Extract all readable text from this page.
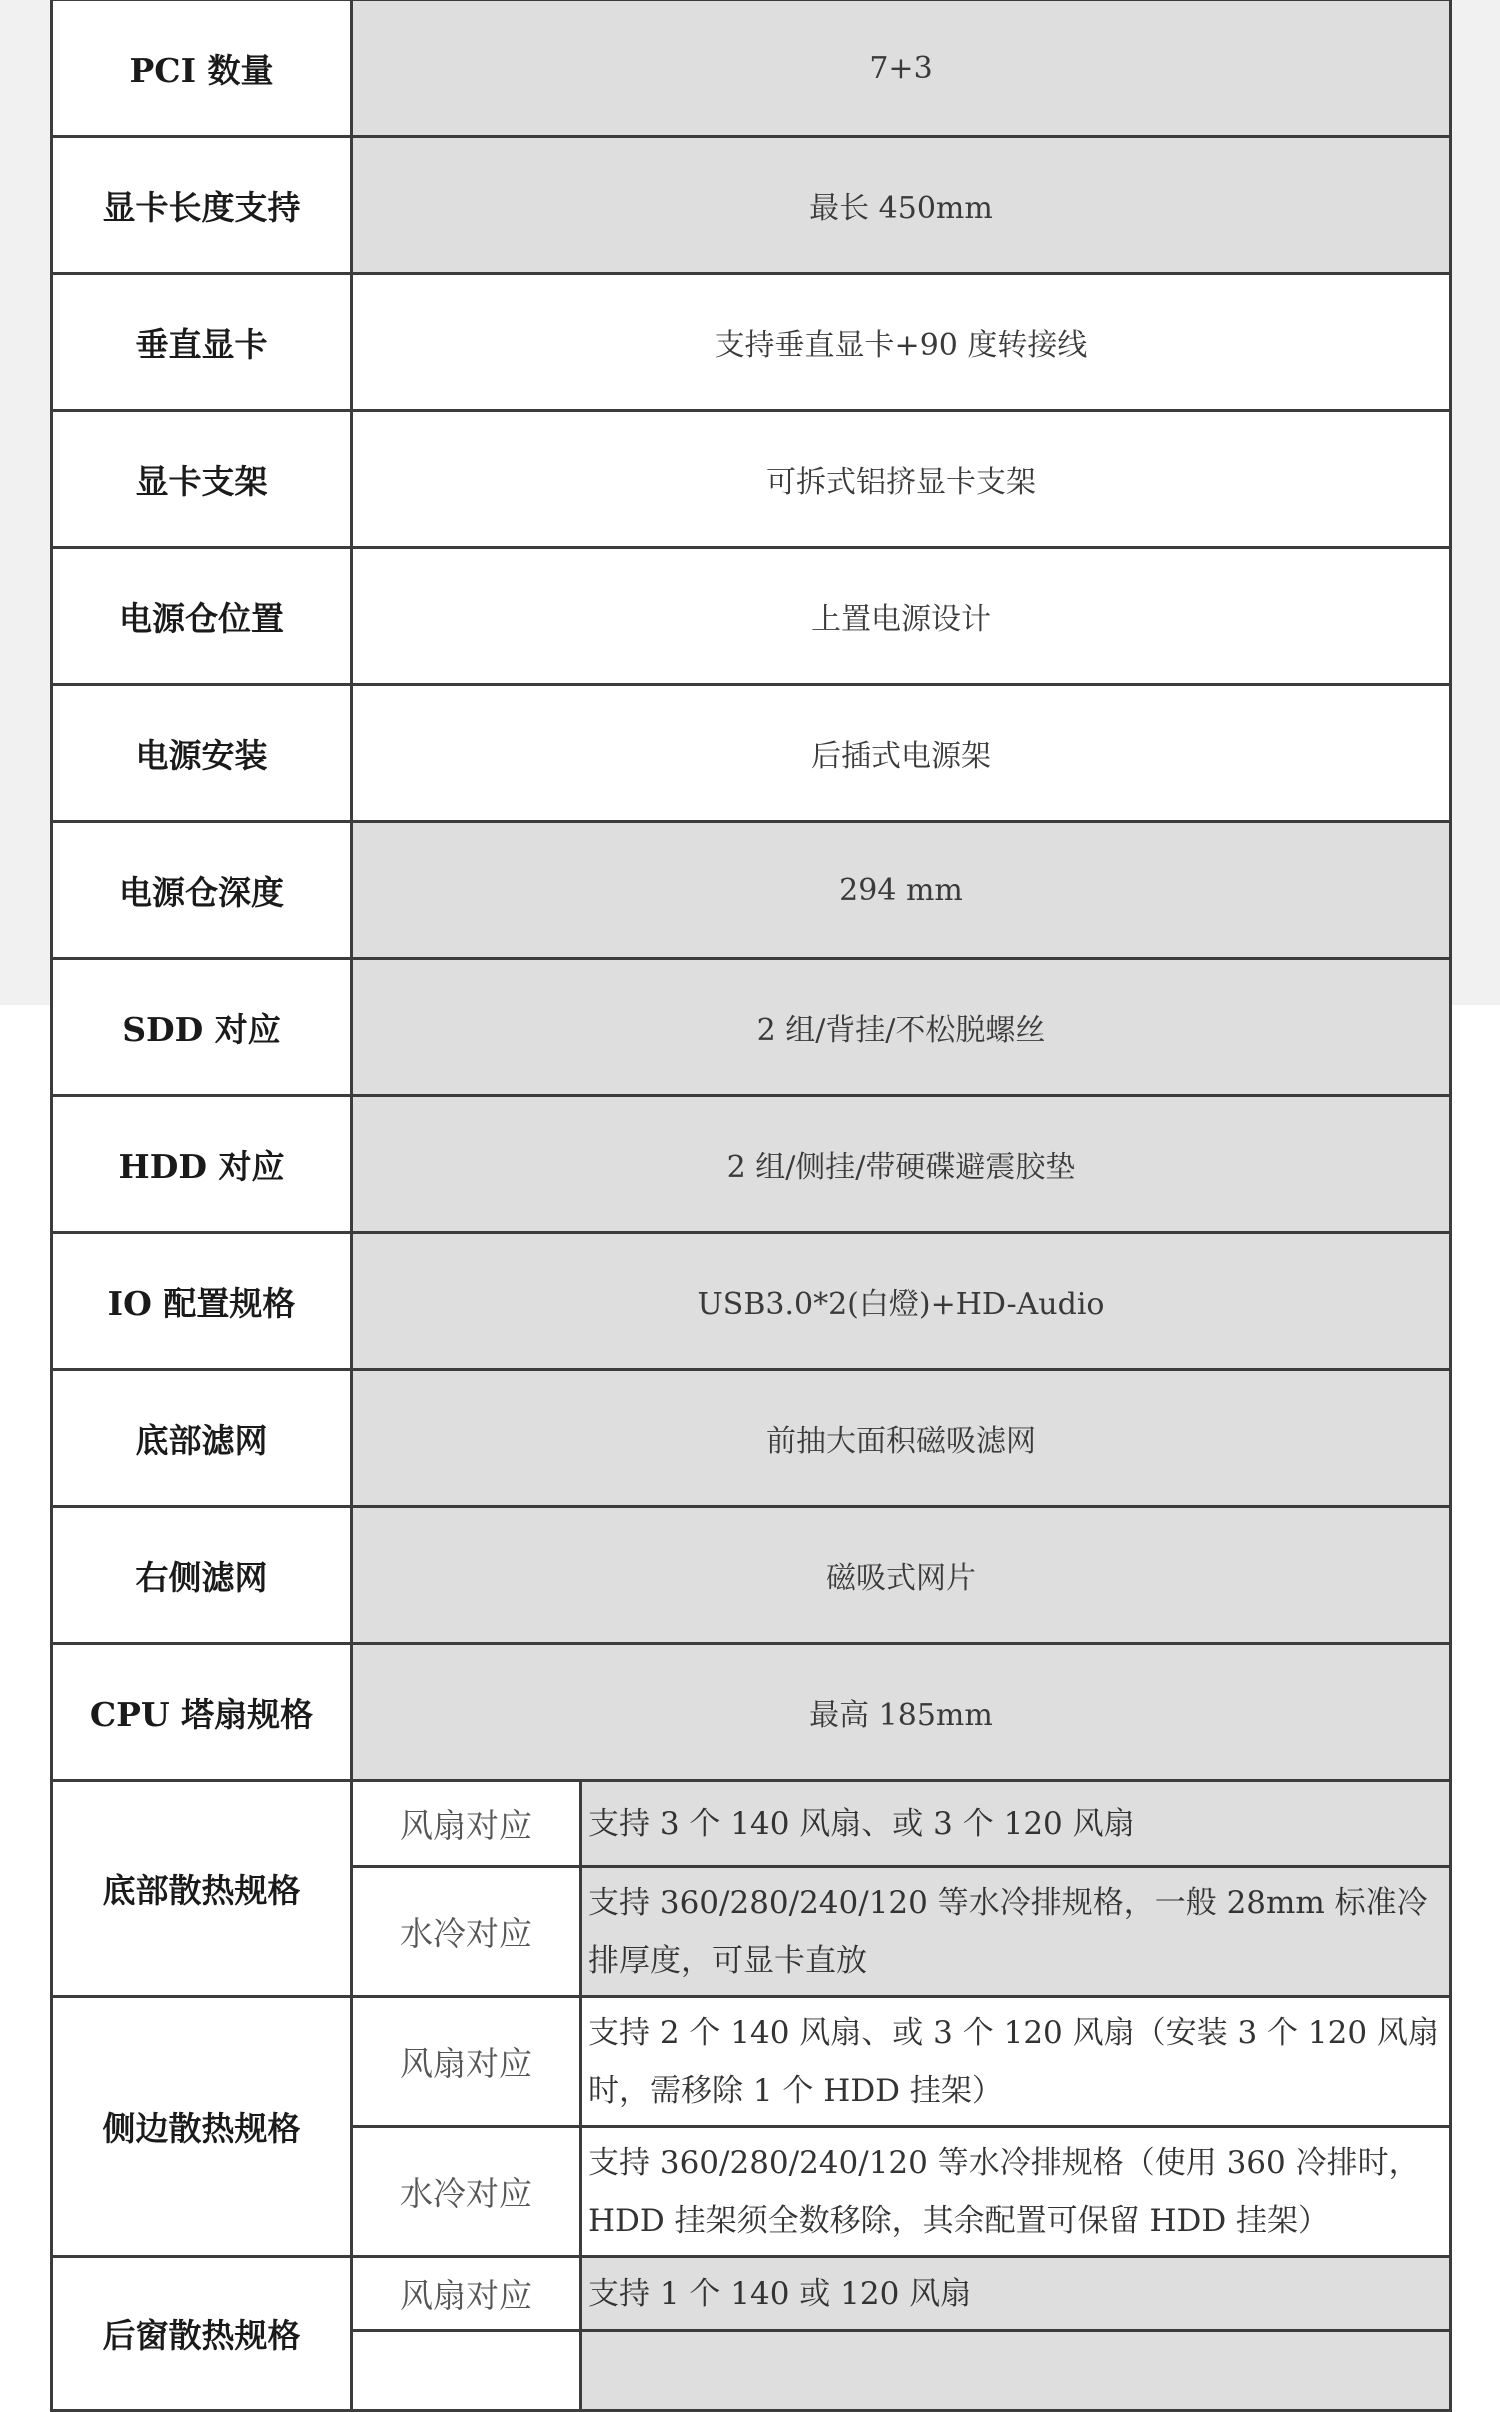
PCI 数量	7+3	
显卡长度支持	最长 450mm	
垂直显卡	支持垂直显卡+90 度转接线	
显卡支架	可拆式铝挤显卡支架	
电源仓位置	上置电源设计	
电源安装	后插式电源架	
电源仓深度	294 mm	
SDD 对应	2 组/背挂/不松脱螺丝	
HDD 对应	2 组/侧挂/带硬碟避震胶垫	
IO 配置规格	USB3.0*2(白燈)+HD-Audio	
底部滤网	前抽大面积磁吸滤网	
右侧滤网	磁吸式网片	
CPU 塔扇规格	最高 185mm	
底部散热规格	风扇对应	支持 3 个 140 风扇、或 3 个 120 风扇
	水冷对应	支持 360/280/240/120 等水冷排规格，一般 28mm 标准冷排厚度，可显卡直放
侧边散热规格	风扇对应	支持 2 个 140 风扇、或 3 个 120 风扇（安装 3 个 120 风扇时，需移除 1 个 HDD 挂架）
	水冷对应	支持 360/280/240/120 等水冷排规格（使用 360 冷排时，HDD 挂架须全数移除，其余配置可保留 HDD 挂架）
后窗散热规格	风扇对应	支持 1 个 140 或 120 风扇
